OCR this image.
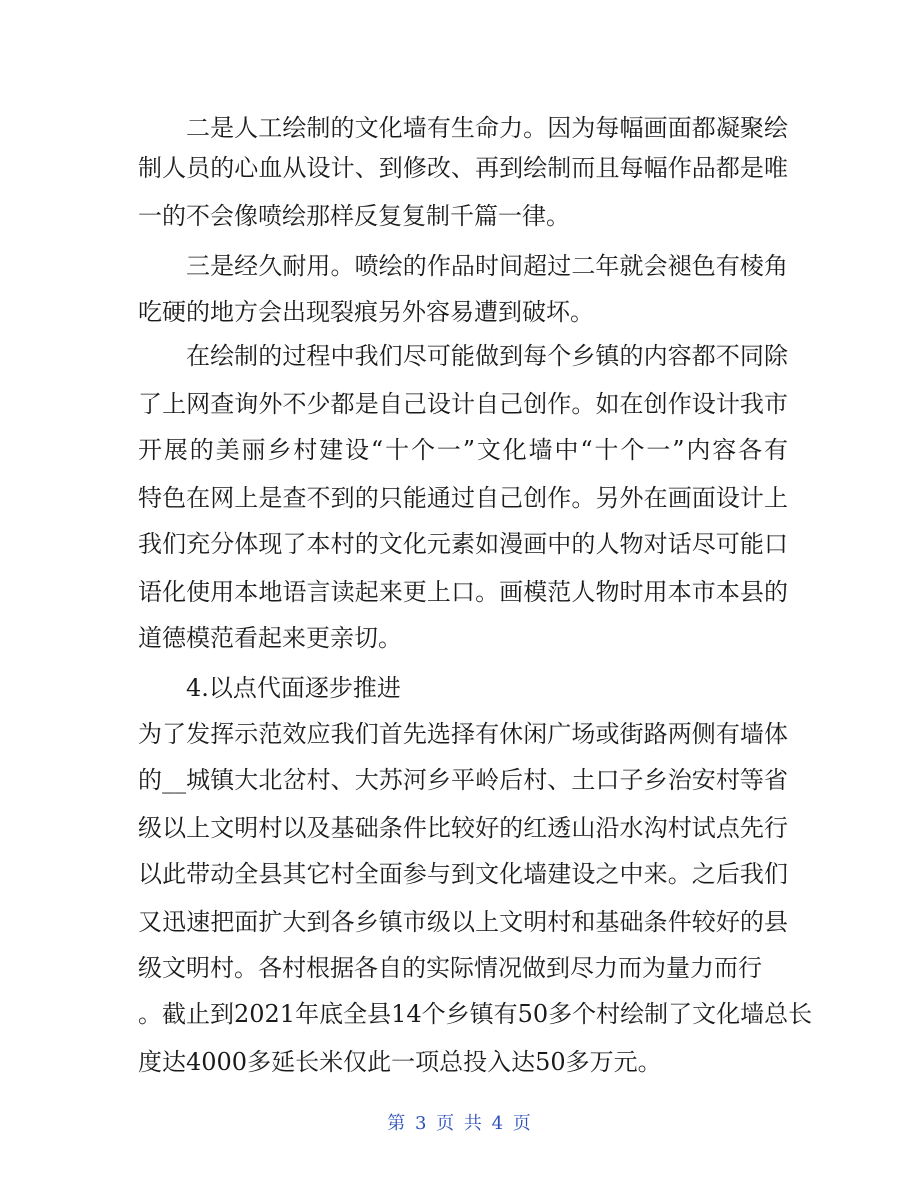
二是人工绘制的文化墙有生命力。因为每幅画面都凝聚绘
制人员的心血从设计、到修改、再到绘制而且每幅作品都是唯
一的不会像喷绘那样反复复制千篇一律。
三是经久耐用。喷绘的作品时间超过二年就会褪色有棱角
吃硬的地方会出现裂痕另外容易遭到破坏。
在绘制的过程中我们尽可能做到每个乡镇的内容都不同除
了上网查询外不少都是自己设计自己创作。如在创作设计我市
开展的美丽乡村建设“十个一”文化墙中“十个一”内容各有
特色在网上是查不到的只能通过自己创作。另外在画面设计上
我们充分体现了本村的文化元素如漫画中的人物对话尽可能口
语化使用本地语言读起来更上口。画模范人物时用本市本县的
道德模范看起来更亲切。
4.以点代面逐步推进
为了发挥示范效应我们首先选择有休闲广场或街路两侧有墙体
的__城镇大北岔村、大苏河乡平岭后村、土口子乡治安村等省
级以上文明村以及基础条件比较好的红透山沿水沟村试点先行
以此带动全县其它村全面参与到文化墙建设之中来。之后我们
又迅速把面扩大到各乡镇市级以上文明村和基础条件较好的县
级文明村。各村根据各自的实际情况做到尽力而为量力而行
。截止到2021年底全县14个乡镇有50多个村绘制了文化墙总长
度达4000多延长米仅此一项总投入达50多万元。
第 3 页 共 4 页
